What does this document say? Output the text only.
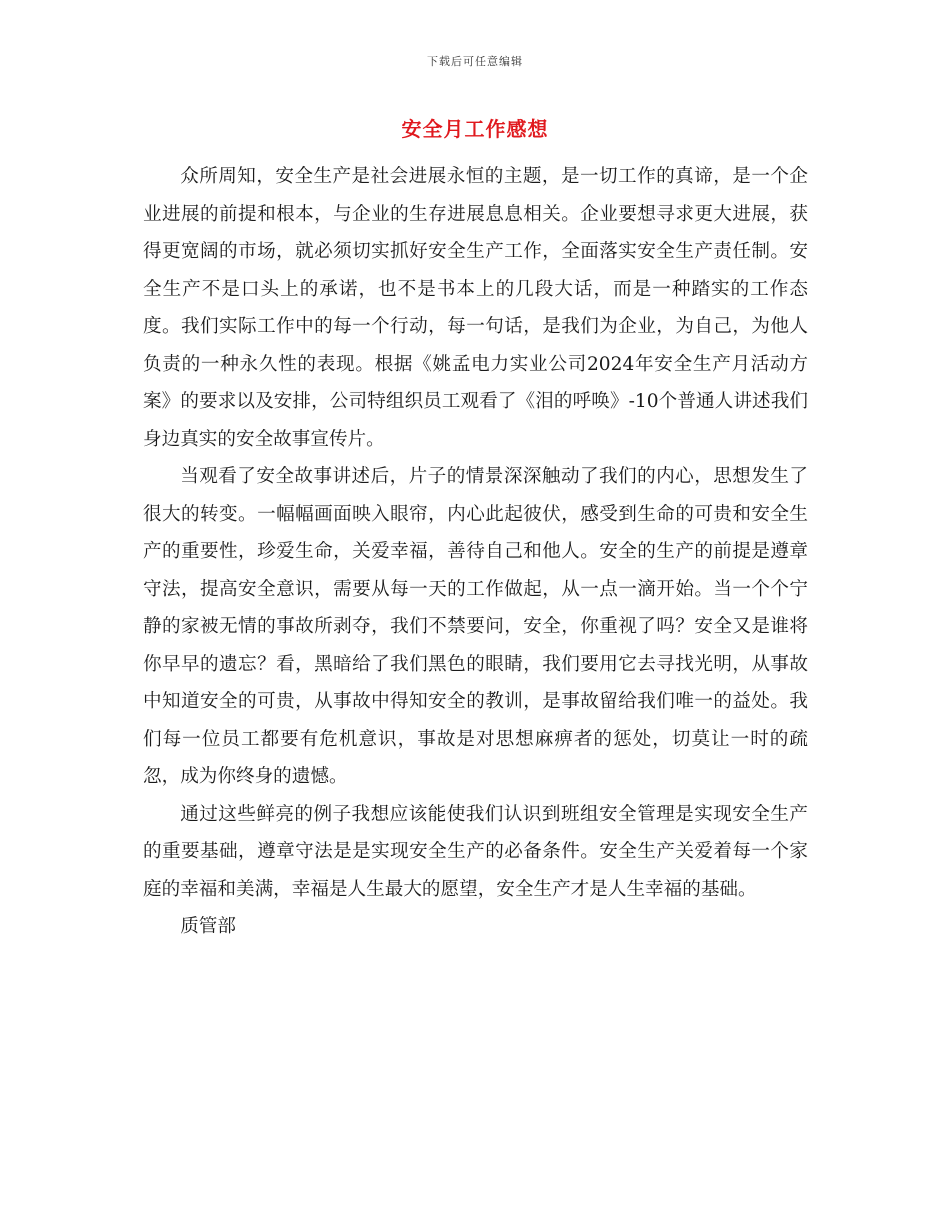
下载后可任意编辑
安全月工作感想

众所周知，安全生产是社会进展永恒的主题，是一切工作的真谛，是一个企业进展的前提和根本，与企业的生存进展息息相关。企业要想寻求更大进展，获得更宽阔的市场，就必须切实抓好安全生产工作，全面落实安全生产责任制。安全生产不是口头上的承诺，也不是书本上的几段大话，而是一种踏实的工作态度。我们实际工作中的每一个行动，每一句话，是我们为企业，为自己，为他人负责的一种永久性的表现。根据《姚孟电力实业公司2024年安全生产月活动方案》的要求以及安排，公司特组织员工观看了《泪的呼唤》-10个普通人讲述我们身边真实的安全故事宣传片。

当观看了安全故事讲述后，片子的情景深深触动了我们的内心，思想发生了很大的转变。一幅幅画面映入眼帘，内心此起彼伏，感受到生命的可贵和安全生产的重要性，珍爱生命，关爱幸福，善待自己和他人。安全的生产的前提是遵章守法，提高安全意识，需要从每一天的工作做起，从一点一滴开始。当一个个宁静的家被无情的事故所剥夺，我们不禁要问，安全，你重视了吗？安全又是谁将你早早的遗忘？看，黑暗给了我们黑色的眼睛，我们要用它去寻找光明，从事故中知道安全的可贵，从事故中得知安全的教训，是事故留给我们唯一的益处。我们每一位员工都要有危机意识，事故是对思想麻痹者的惩处，切莫让一时的疏忽，成为你终身的遗憾。

通过这些鲜亮的例子我想应该能使我们认识到班组安全管理是实现安全生产的重要基础，遵章守法是是实现安全生产的必备条件。安全生产关爱着每一个家庭的幸福和美满，幸福是人生最大的愿望，安全生产才是人生幸福的基础。

质管部
